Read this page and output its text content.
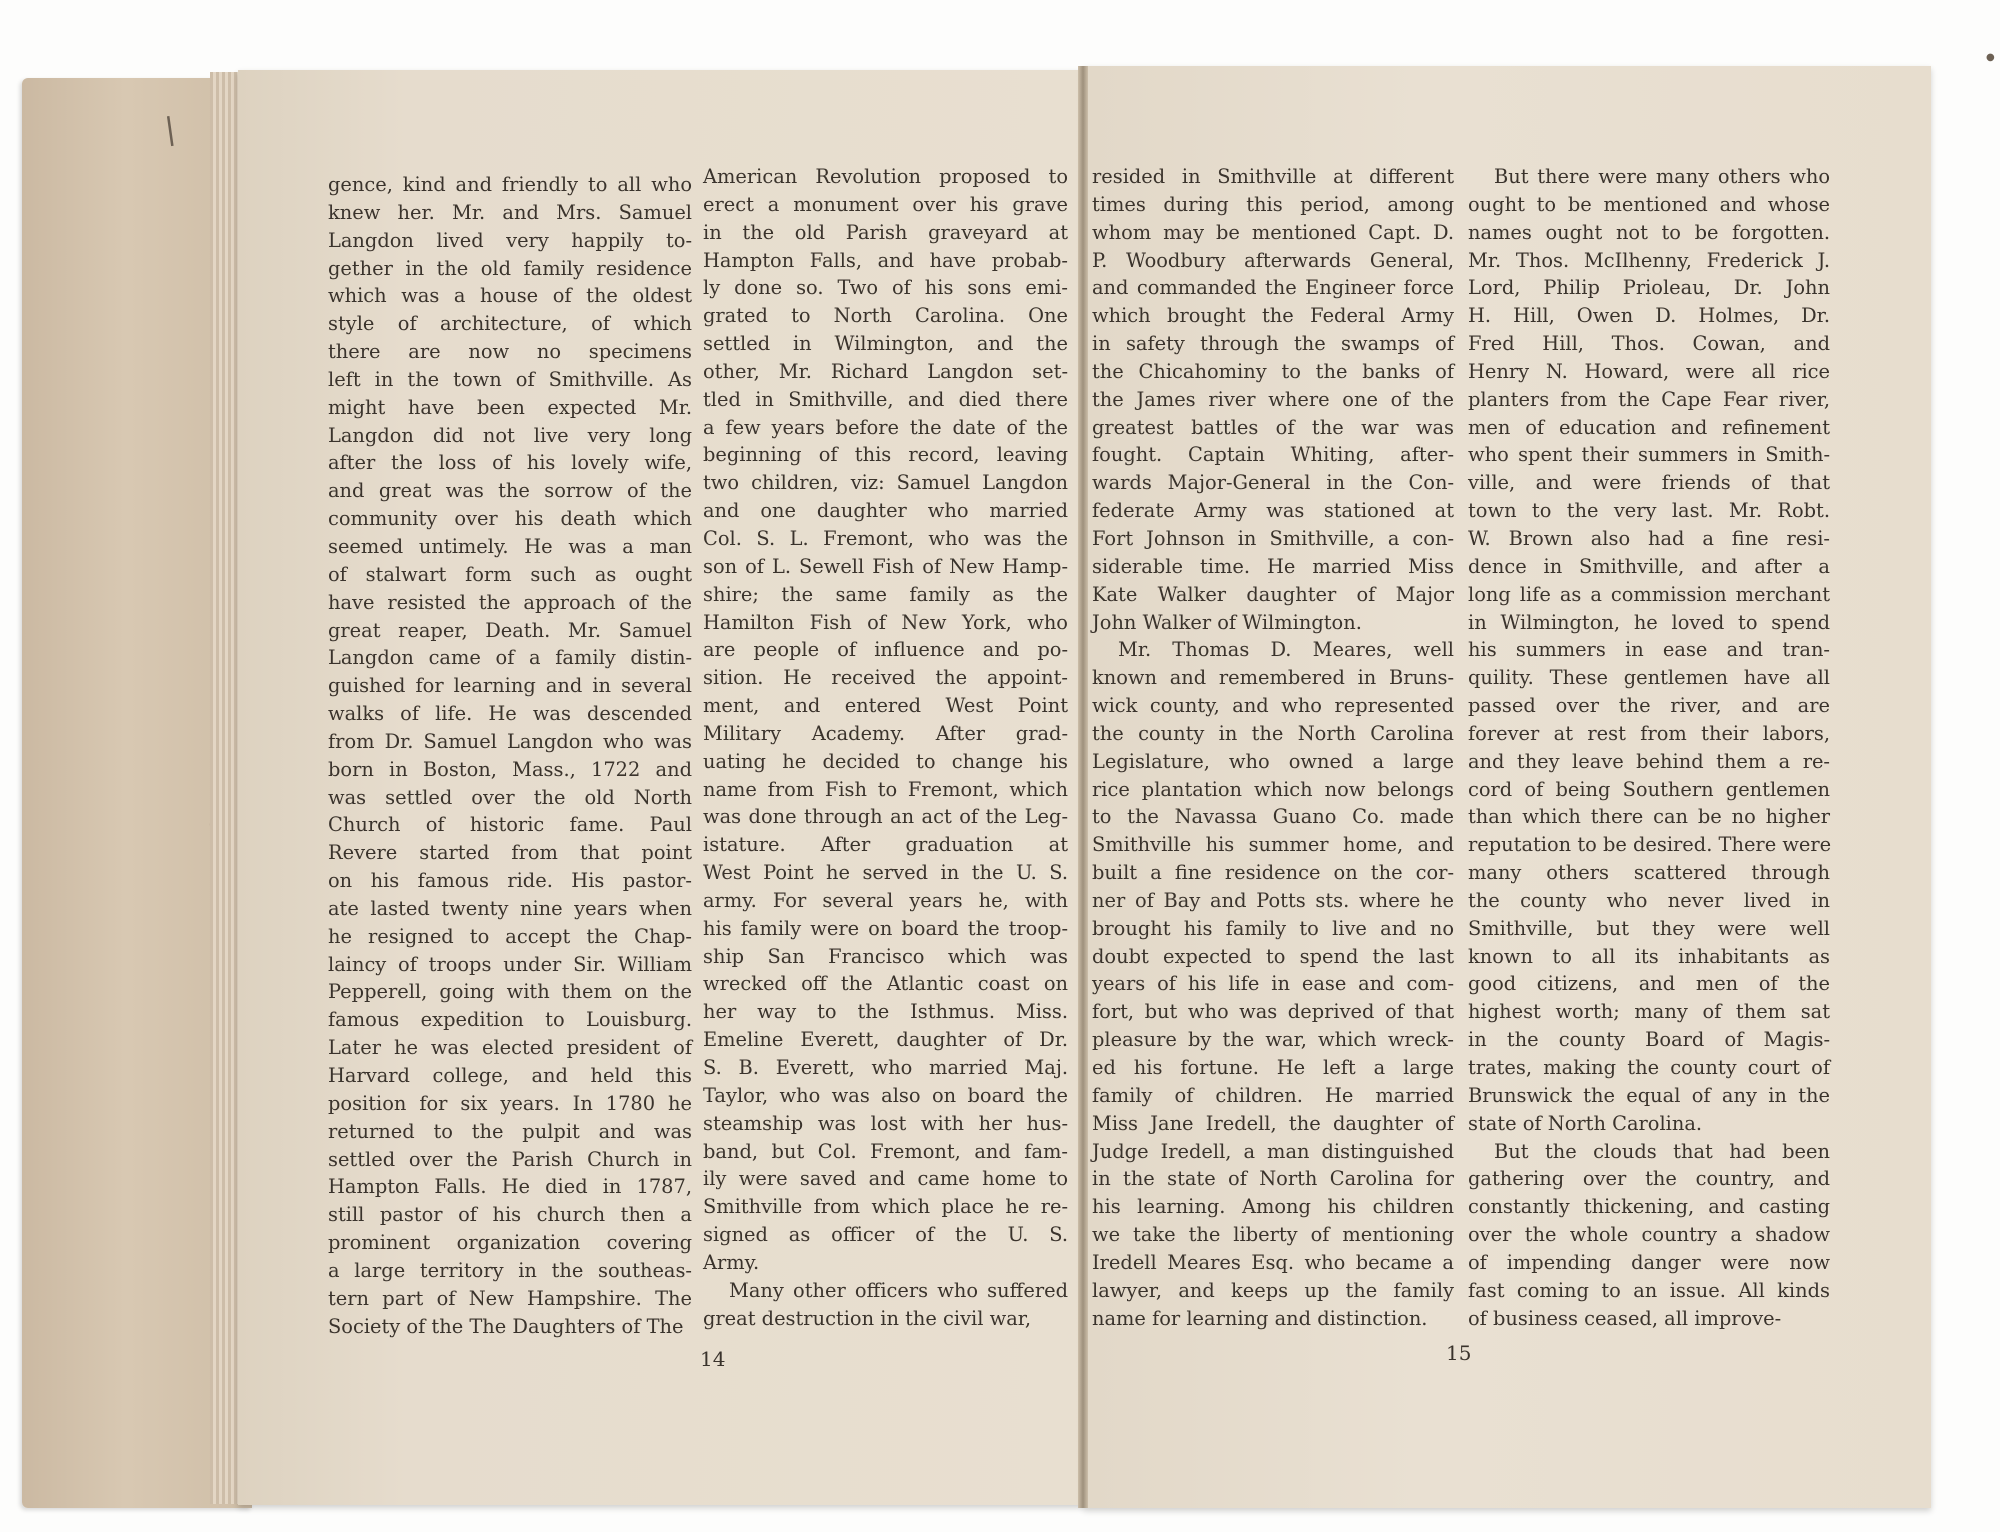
●
|
gence, kind and friendly to all who
knew her. Mr. and Mrs. Samuel
Langdon lived very happily to-
gether in the old family residence
which was a house of the oldest
style of architecture, of which
there are now no specimens
left in the town of Smithville. As
might have been expected Mr.
Langdon did not live very long
after the loss of his lovely wife,
and great was the sorrow of the
community over his death which
seemed untimely. He was a man
of stalwart form such as ought
have resisted the approach of the
great reaper, Death. Mr. Samuel
Langdon came of a family distin-
guished for learning and in several
walks of life. He was descended
from Dr. Samuel Langdon who was
born in Boston, Mass., 1722 and
was settled over the old North
Church of historic fame. Paul
Revere started from that point
on his famous ride. His pastor-
ate lasted twenty nine years when
he resigned to accept the Chap-
laincy of troops under Sir. William
Pepperell, going with them on the
famous expedition to Louisburg.
Later he was elected president of
Harvard college, and held this
position for six years. In 1780 he
returned to the pulpit and was
settled over the Parish Church in
Hampton Falls. He died in 1787,
still pastor of his church then a
prominent organization covering
a large territory in the southeas-
tern part of New Hampshire. The
Society of the The Daughters of The
American Revolution proposed to
erect a monument over his grave
in the old Parish graveyard at
Hampton Falls, and have probab-
ly done so. Two of his sons emi-
grated to North Carolina. One
settled in Wilmington, and the
other, Mr. Richard Langdon set-
tled in Smithville, and died there
a few years before the date of the
beginning of this record, leaving
two children, viz: Samuel Langdon
and one daughter who married
Col. S. L. Fremont, who was the
son of L. Sewell Fish of New Hamp-
shire; the same family as the
Hamilton Fish of New York, who
are people of influence and po-
sition. He received the appoint-
ment, and entered West Point
Military Academy. After grad-
uating he decided to change his
name from Fish to Fremont, which
was done through an act of the Leg-
istature. After graduation at
West Point he served in the U. S.
army. For several years he, with
his family were on board the troop-
ship San Francisco which was
wrecked off the Atlantic coast on
her way to the Isthmus. Miss.
Emeline Everett, daughter of Dr.
S. B. Everett, who married Maj.
Taylor, who was also on board the
steamship was lost with her hus-
band, but Col. Fremont, and fam-
ily were saved and came home to
Smithville from which place he re-
signed as officer of the U. S.
Army.
Many other officers who suffered
great destruction in the civil war,
resided in Smithville at different
times during this period, among
whom may be mentioned Capt. D.
P. Woodbury afterwards General,
and commanded the Engineer force
which brought the Federal Army
in safety through the swamps of
the Chicahominy to the banks of
the James river where one of the
greatest battles of the war was
fought. Captain Whiting, after-
wards Major-General in the Con-
federate Army was stationed at
Fort Johnson in Smithville, a con-
siderable time. He married Miss
Kate Walker daughter of Major
John Walker of Wilmington.
Mr. Thomas D. Meares, well
known and remembered in Bruns-
wick county, and who represented
the county in the North Carolina
Legislature, who owned a large
rice plantation which now belongs
to the Navassa Guano Co. made
Smithville his summer home, and
built a fine residence on the cor-
ner of Bay and Potts sts. where he
brought his family to live and no
doubt expected to spend the last
years of his life in ease and com-
fort, but who was deprived of that
pleasure by the war, which wreck-
ed his fortune. He left a large
family of children. He married
Miss Jane Iredell, the daughter of
Judge Iredell, a man distinguished
in the state of North Carolina for
his learning. Among his children
we take the liberty of mentioning
Iredell Meares Esq. who became a
lawyer, and keeps up the family
name for learning and distinction.
But there were many others who
ought to be mentioned and whose
names ought not to be forgotten.
Mr. Thos. McIlhenny, Frederick J.
Lord, Philip Prioleau, Dr. John
H. Hill, Owen D. Holmes, Dr.
Fred Hill, Thos. Cowan, and
Henry N. Howard, were all rice
planters from the Cape Fear river,
men of education and refinement
who spent their summers in Smith-
ville, and were friends of that
town to the very last. Mr. Robt.
W. Brown also had a fine resi-
dence in Smithville, and after a
long life as a commission merchant
in Wilmington, he loved to spend
his summers in ease and tran-
quility. These gentlemen have all
passed over the river, and are
forever at rest from their labors,
and they leave behind them a re-
cord of being Southern gentlemen
than which there can be no higher
reputation to be desired. There were
many others scattered through
the county who never lived in
Smithville, but they were well
known to all its inhabitants as
good citizens, and men of the
highest worth; many of them sat
in the county Board of Magis-
trates, making the county court of
Brunswick the equal of any in the
state of North Carolina.
But the clouds that had been
gathering over the country, and
constantly thickening, and casting
over the whole country a shadow
of impending danger were now
fast coming to an issue. All kinds
of business ceased, all improve-
14	15
